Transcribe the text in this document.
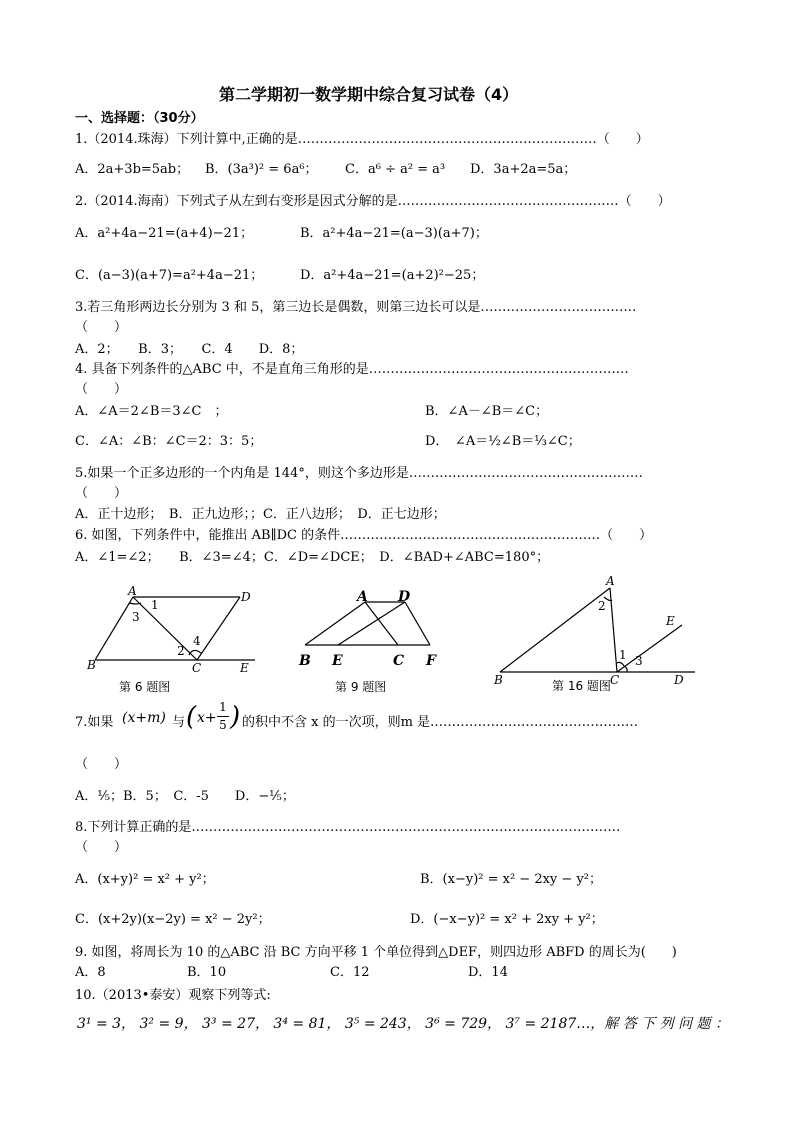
第二学期初一数学期中综合复习试卷（4）
一、选择题：（30分）
1.（2014.珠海）下列计算中,正确的是……………………………………………………………（　　）
A．2a+3b=5ab； B．(3a³)² = 6a⁶； C．a⁶ ÷ a² = a³ D．3a+2a=5a；
2.（2014.海南）下列式子从左到右变形是因式分解的是……………………………………………（　　）
A．a²+4a−21=(a+4)−21；	B．a²+4a−21=(a−3)(a+7)；
C．(a−3)(a+7)=a²+4a−21；	D．a²+4a−21=(a+2)²−25；
3.若三角形两边长分别为 3 和 5，第三边长是偶数，则第三边长可以是………………………………
（　　）
A．2；　　B．3；　　C．4　　D．8；
4. 具备下列条件的△ABC 中，不是直角三角形的是……………………………………………………
（　　）
A．∠A＝2∠B＝3∠C　；	B．∠A－∠B＝∠C；
C．∠A：∠B：∠C＝2：3：5；	D．　∠A＝½∠B＝⅓∠C；
5.如果一个正多边形的一个内角是 144°，则这个多边形是………………………………………………
（　　）
A．正十边形；　B．正九边形；；C．正八边形；　D．正七边形；
6. 如图，下列条件中，能推出 AB∥DC 的条件……………………………………………………（　　）
A．∠1=∠2；　　B．∠3=∠4；C．∠D=∠DCE；　D．∠BAD+∠ABC=180°；
A
1
D
3
2
4
B	C	E
第 6 题图
A D
B E	C F
第 9 题图
A
2
E
1 3
B	C	D
第 16 题图
7.如果 (x+m) 与 ( x+
1
5 ) 的积中不含 x 的一次项，则m 是…………………………………………
（　　）
A．⅕；B．5；　C．-5　　D．−⅕；
8.下列计算正确的是………………………………………………………………………………………
（　　）
A．(x+y)² = x² + y²；	B．(x−y)² = x² − 2xy − y²；
C．(x+2y)(x−2y) = x² − 2y²；	D．(−x−y)² = x² + 2xy + y²；
9. 如图，将周长为 10 的△ABC 沿 BC 方向平移 1 个单位得到△DEF，则四边形 ABFD 的周长为(　　)
A．8	B．10	C．12	D．14
10.（2013•泰安）观察下列等式:
3¹ = 3， 3² = 9， 3³ = 27， 3⁴ = 81， 3⁵ = 243， 3⁶ = 729， 3⁷ = 2187…，解 答 下 列 问 题 ：
